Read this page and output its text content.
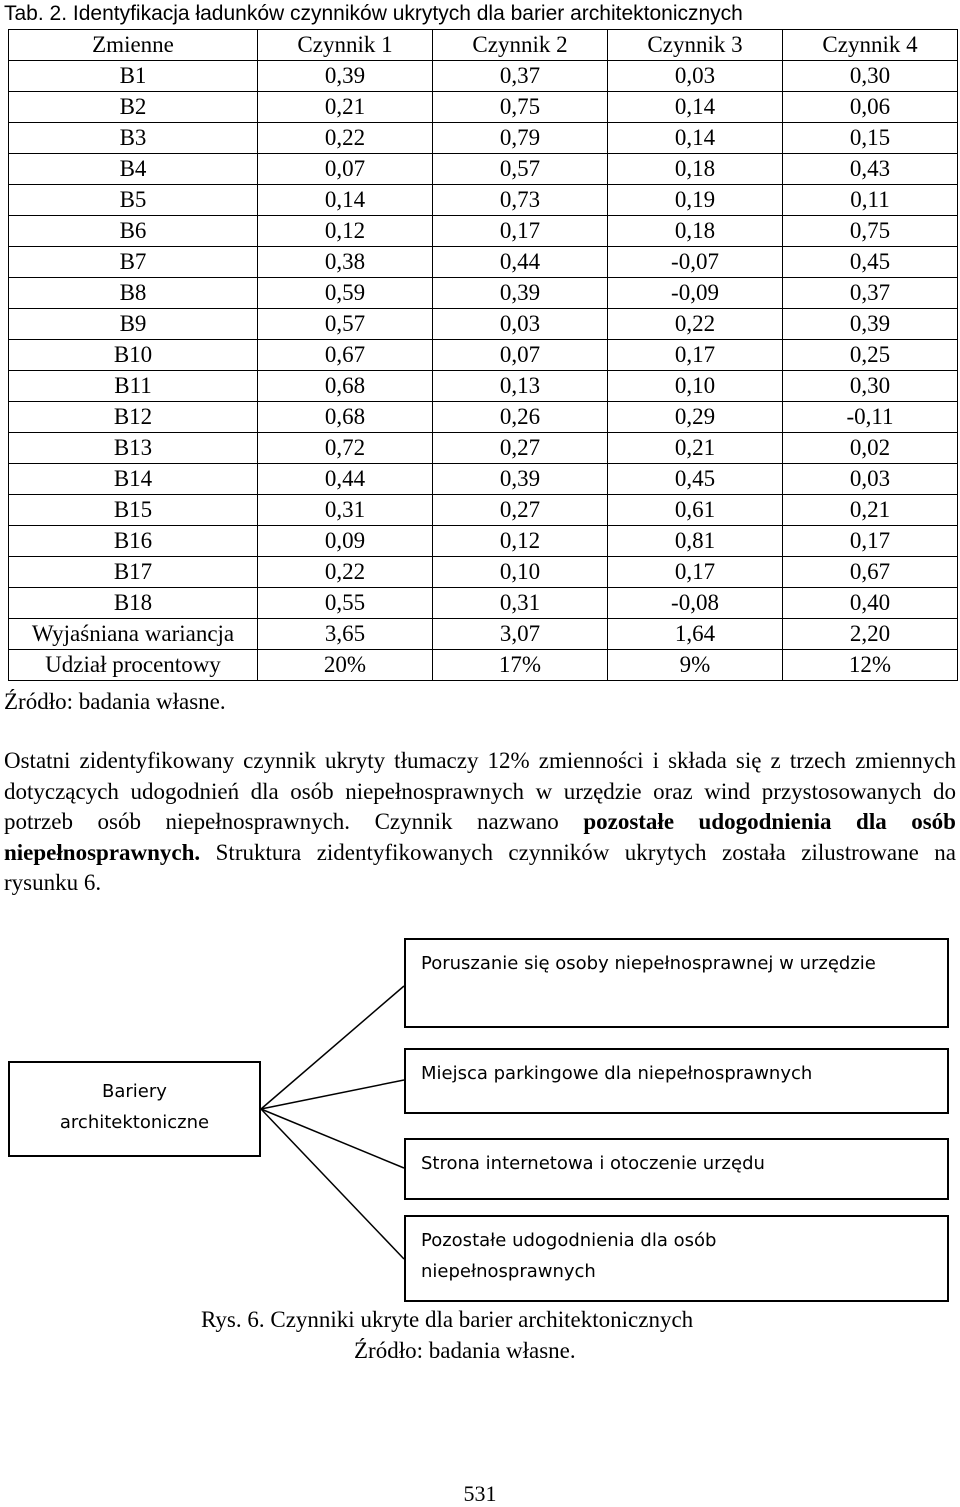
Tab. 2. Identyfikacja ładunków czynników ukrytych dla barier architektonicznych
Zmienne	Czynnik 1	Czynnik 2	Czynnik 3	Czynnik 4
B1	0,39	0,37	0,03	0,30
B2	0,21	0,75	0,14	0,06
B3	0,22	0,79	0,14	0,15
B4	0,07	0,57	0,18	0,43
B5	0,14	0,73	0,19	0,11
B6	0,12	0,17	0,18	0,75
B7	0,38	0,44	-0,07	0,45
B8	0,59	0,39	-0,09	0,37
B9	0,57	0,03	0,22	0,39
B10	0,67	0,07	0,17	0,25
B11	0,68	0,13	0,10	0,30
B12	0,68	0,26	0,29	-0,11
B13	0,72	0,27	0,21	0,02
B14	0,44	0,39	0,45	0,03
B15	0,31	0,27	0,61	0,21
B16	0,09	0,12	0,81	0,17
B17	0,22	0,10	0,17	0,67
B18	0,55	0,31	-0,08	0,40
Wyjaśniana wariancja	3,65	3,07	1,64	2,20
Udział procentowy	20%	17%	9%	12%
Źródło: badania własne.
Ostatni zidentyfikowany czynnik ukryty tłumaczy 12% zmienności i składa się z trzech zmiennych dotyczących udogodnień dla osób niepełnosprawnych w urzędzie oraz wind przystosowanych do potrzeb osób niepełnosprawnych. Czynnik nazwano pozostałe udogodnienia dla osób niepełnosprawnych. Struktura zidentyfikowanych czynników ukrytych została zilustrowane na rysunku 6.
Bariery
architektoniczne
Poruszanie się osoby niepełnosprawnej w urzędzie
Miejsca parkingowe dla niepełnosprawnych
Strona internetowa i otoczenie urzędu
Pozostałe udogodnienia dla osób
niepełnosprawnych
Rys. 6. Czynniki ukryte dla barier architektonicznych
Źródło: badania własne.
531
